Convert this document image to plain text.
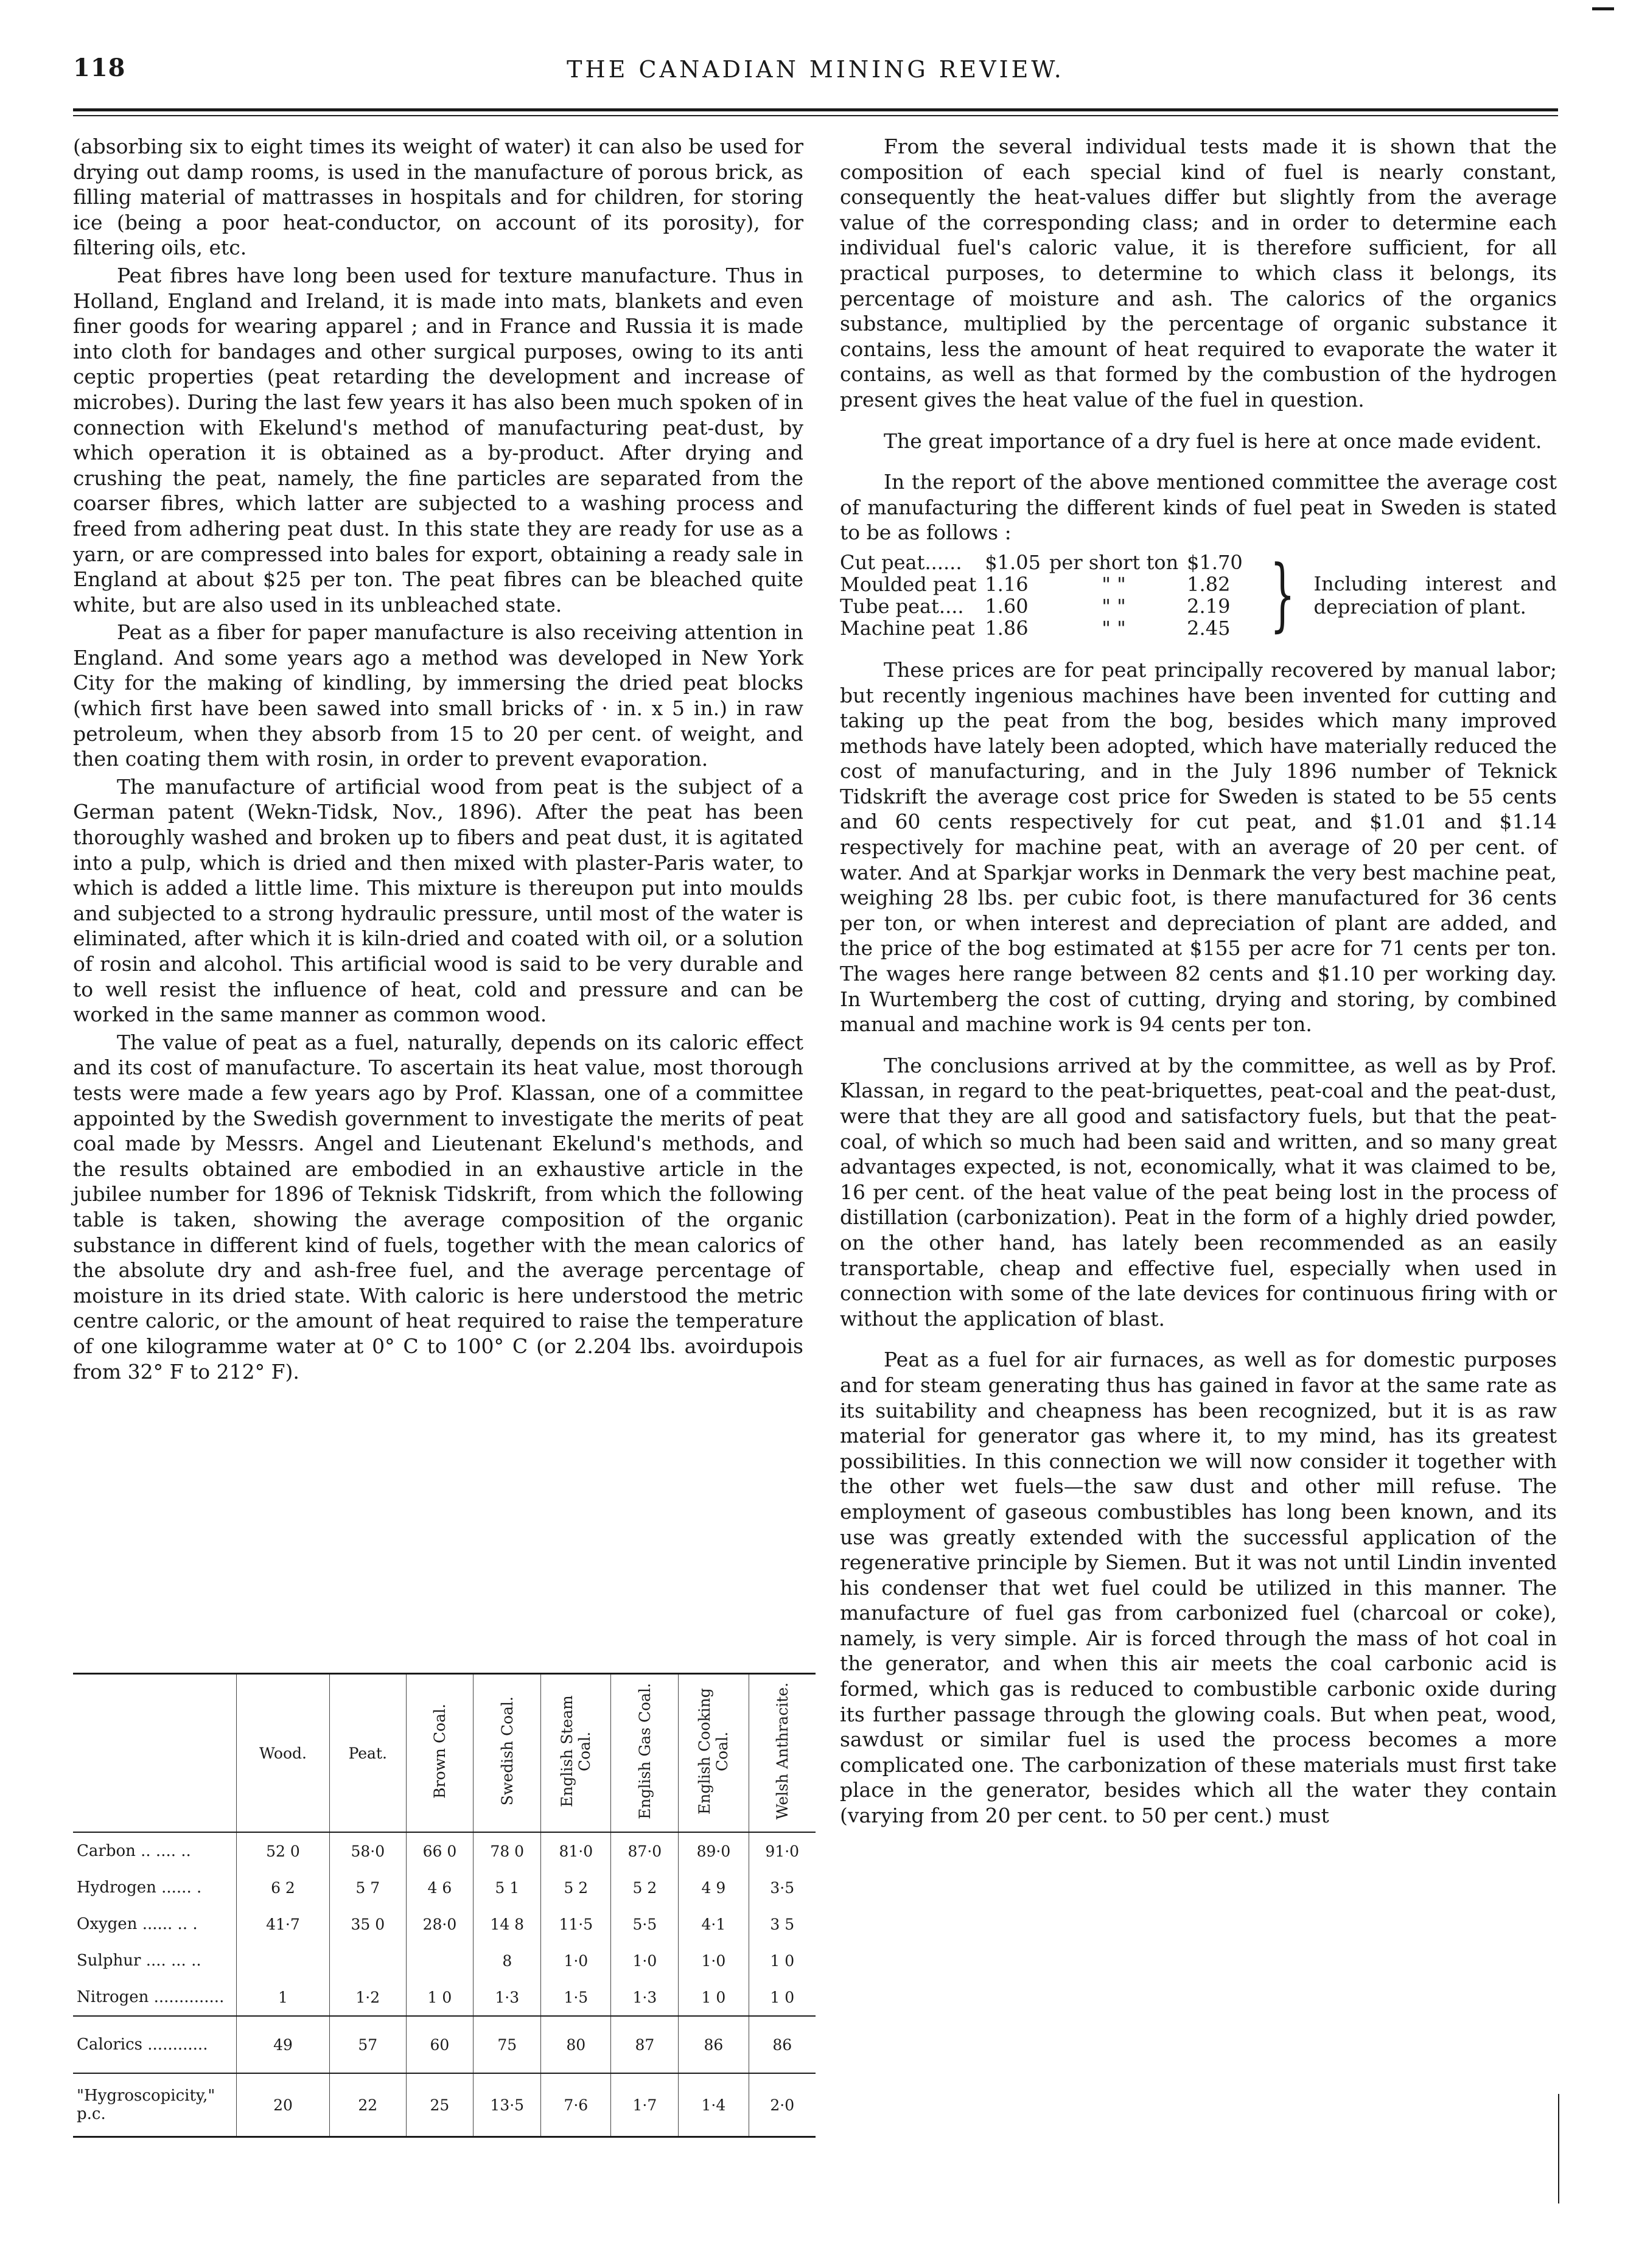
118	THE CANADIAN MINING REVIEW.

(absorbing six to eight times its weight of water) it can also be used for drying out damp rooms, is used in the manufacture of porous brick, as filling material of mattrasses in hospitals and for children, for storing ice (being a poor heat-conductor, on account of its porosity), for filtering oils, etc.

Peat fibres have long been used for texture manufacture. Thus in Holland, England and Ireland, it is made into mats, blankets and even finer goods for wearing apparel ; and in France and Russia it is made into cloth for bandages and other surgical purposes, owing to its anti ceptic properties (peat retarding the development and increase of microbes). During the last few years it has also been much spoken of in connection with Ekelund's method of manufacturing peat-dust, by which operation it is obtained as a by-product. After drying and crushing the peat, namely, the fine particles are separated from the coarser fibres, which latter are subjected to a washing process and freed from adhering peat dust. In this state they are ready for use as a yarn, or are compressed into bales for export, obtaining a ready sale in England at about $25 per ton. The peat fibres can be bleached quite white, but are also used in its unbleached state.

Peat as a fiber for paper manufacture is also receiving attention in England. And some years ago a method was developed in New York City for the making of kindling, by immersing the dried peat blocks (which first have been sawed into small bricks of · in. x 5 in.) in raw petroleum, when they absorb from 15 to 20 per cent. of weight, and then coating them with rosin, in order to prevent evaporation.

The manufacture of artificial wood from peat is the subject of a German patent (Wekn-Tidsk, Nov., 1896). After the peat has been thoroughly washed and broken up to fibers and peat dust, it is agitated into a pulp, which is dried and then mixed with plaster-Paris water, to which is added a little lime. This mixture is thereupon put into moulds and subjected to a strong hydraulic pressure, until most of the water is eliminated, after which it is kiln-dried and coated with oil, or a solution of rosin and alcohol. This artificial wood is said to be very durable and to well resist the influence of heat, cold and pressure and can be worked in the same manner as common wood.

The value of peat as a fuel, naturally, depends on its caloric effect and its cost of manufacture. To ascertain its heat value, most thorough tests were made a few years ago by Prof. Klassan, one of a committee appointed by the Swedish government to investigate the merits of peat coal made by Messrs. Angel and Lieutenant Ekelund's methods, and the results obtained are embodied in an exhaustive article in the jubilee number for 1896 of Teknisk Tidskrift, from which the following table is taken, showing the average composition of the organic substance in different kind of fuels, together with the mean calorics of the absolute dry and ash-free fuel, and the average percentage of moisture in its dried state. With caloric is here understood the metric centre caloric, or the amount of heat required to raise the temperature of one kilogramme water at 0° C to 100° C (or 2.204 lbs. avoirdupois from 32° F to 212° F).

	Wood.	Peat.	Brown Coal.	Swedish Coal.	English Steam Coal.	English Gas Coal.	English Cooking Coal.	Welsh Anthracite.
Carbon .. .... ..	52 0	58·0	66 0	78 0	81·0	87·0	89·0	91·0
Hydrogen ...... .	6 2	5 7	4 6	5 1	5 2	5 2	4 9	3·5
Oxygen ...... .. .	41·7	35 0	28·0	14 8	11·5	5·5	4·1	3 5
Sulphur .... ... ..				8	1·0	1·0	1·0	1 0
Nitrogen ..............	1	1·2	1 0	1·3	1·5	1·3	1 0	1 0
Calorics ............	49	57	60	75	80	87	86	86
"Hygroscopicity," p.c.	20	22	25	13·5	7·6	1·7	1·4	2·0

From the several individual tests made it is shown that the composition of each special kind of fuel is nearly constant, consequently the heat-values differ but slightly from the average value of the corresponding class; and in order to determine each individual fuel's caloric value, it is therefore sufficient, for all practical purposes, to determine to which class it belongs, its percentage of moisture and ash. The calorics of the organics substance, multiplied by the percentage of organic substance it contains, less the amount of heat required to evaporate the water it contains, as well as that formed by the combustion of the hydrogen present gives the heat value of the fuel in question.

The great importance of a dry fuel is here at once made evident.

In the report of the above mentioned committee the average cost of manufacturing the different kinds of fuel peat in Sweden is stated to be as follows :

Cut peat......	$1.05	per short ton	$1.70
Moulded peat	1.16	" "	1.82
Tube peat....	1.60	" "	2.19
Machine peat	1.86	" "	2.45 } Including interest and depreciation of plant.

These prices are for peat principally recovered by manual labor; but recently ingenious machines have been invented for cutting and taking up the peat from the bog, besides which many improved methods have lately been adopted, which have materially reduced the cost of manufacturing, and in the July 1896 number of Teknick Tidskrift the average cost price for Sweden is stated to be 55 cents and 60 cents respectively for cut peat, and $1.01 and $1.14 respectively for machine peat, with an average of 20 per cent. of water. And at Sparkjar works in Denmark the very best machine peat, weighing 28 lbs. per cubic foot, is there manufactured for 36 cents per ton, or when interest and depreciation of plant are added, and the price of the bog estimated at $155 per acre for 71 cents per ton. The wages here range between 82 cents and $1.10 per working day. In Wurtemberg the cost of cutting, drying and storing, by combined manual and machine work is 94 cents per ton.

The conclusions arrived at by the committee, as well as by Prof. Klassan, in regard to the peat-briquettes, peat-coal and the peat-dust, were that they are all good and satisfactory fuels, but that the peat-coal, of which so much had been said and written, and so many great advantages expected, is not, economically, what it was claimed to be, 16 per cent. of the heat value of the peat being lost in the process of distillation (carbonization). Peat in the form of a highly dried powder, on the other hand, has lately been recommended as an easily transportable, cheap and effective fuel, especially when used in connection with some of the late devices for continuous firing with or without the application of blast.

Peat as a fuel for air furnaces, as well as for domestic purposes and for steam generating thus has gained in favor at the same rate as its suitability and cheapness has been recognized, but it is as raw material for generator gas where it, to my mind, has its greatest possibilities. In this connection we will now consider it together with the other wet fuels—the saw dust and other mill refuse. The employment of gaseous combustibles has long been known, and its use was greatly extended with the successful application of the regenerative principle by Siemen. But it was not until Lindin invented his condenser that wet fuel could be utilized in this manner. The manufacture of fuel gas from carbonized fuel (charcoal or coke), namely, is very simple. Air is forced through the mass of hot coal in the generator, and when this air meets the coal carbonic acid is formed, which gas is reduced to combustible carbonic oxide during its further passage through the glowing coals. But when peat, wood, sawdust or similar fuel is used the process becomes a more complicated one. The carbonization of these materials must first take place in the generator, besides which all the water they contain (varying from 20 per cent. to 50 per cent.) must
